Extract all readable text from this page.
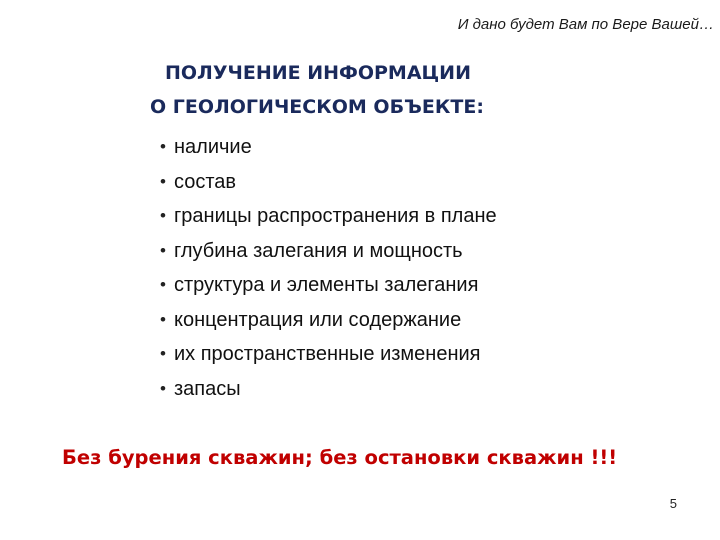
И дано будет Вам по Вере Вашей…
ПОЛУЧЕНИЕ ИНФОРМАЦИИ
О ГЕОЛОГИЧЕСКОМ ОБЪЕКТЕ:
• наличие
• состав
• границы распространения в плане
• глубина залегания и мощность
• структура и элементы залегания
• концентрация или содержание
• их пространственные изменения
• запасы
Без бурения скважин; без остановки скважин !!!
5
